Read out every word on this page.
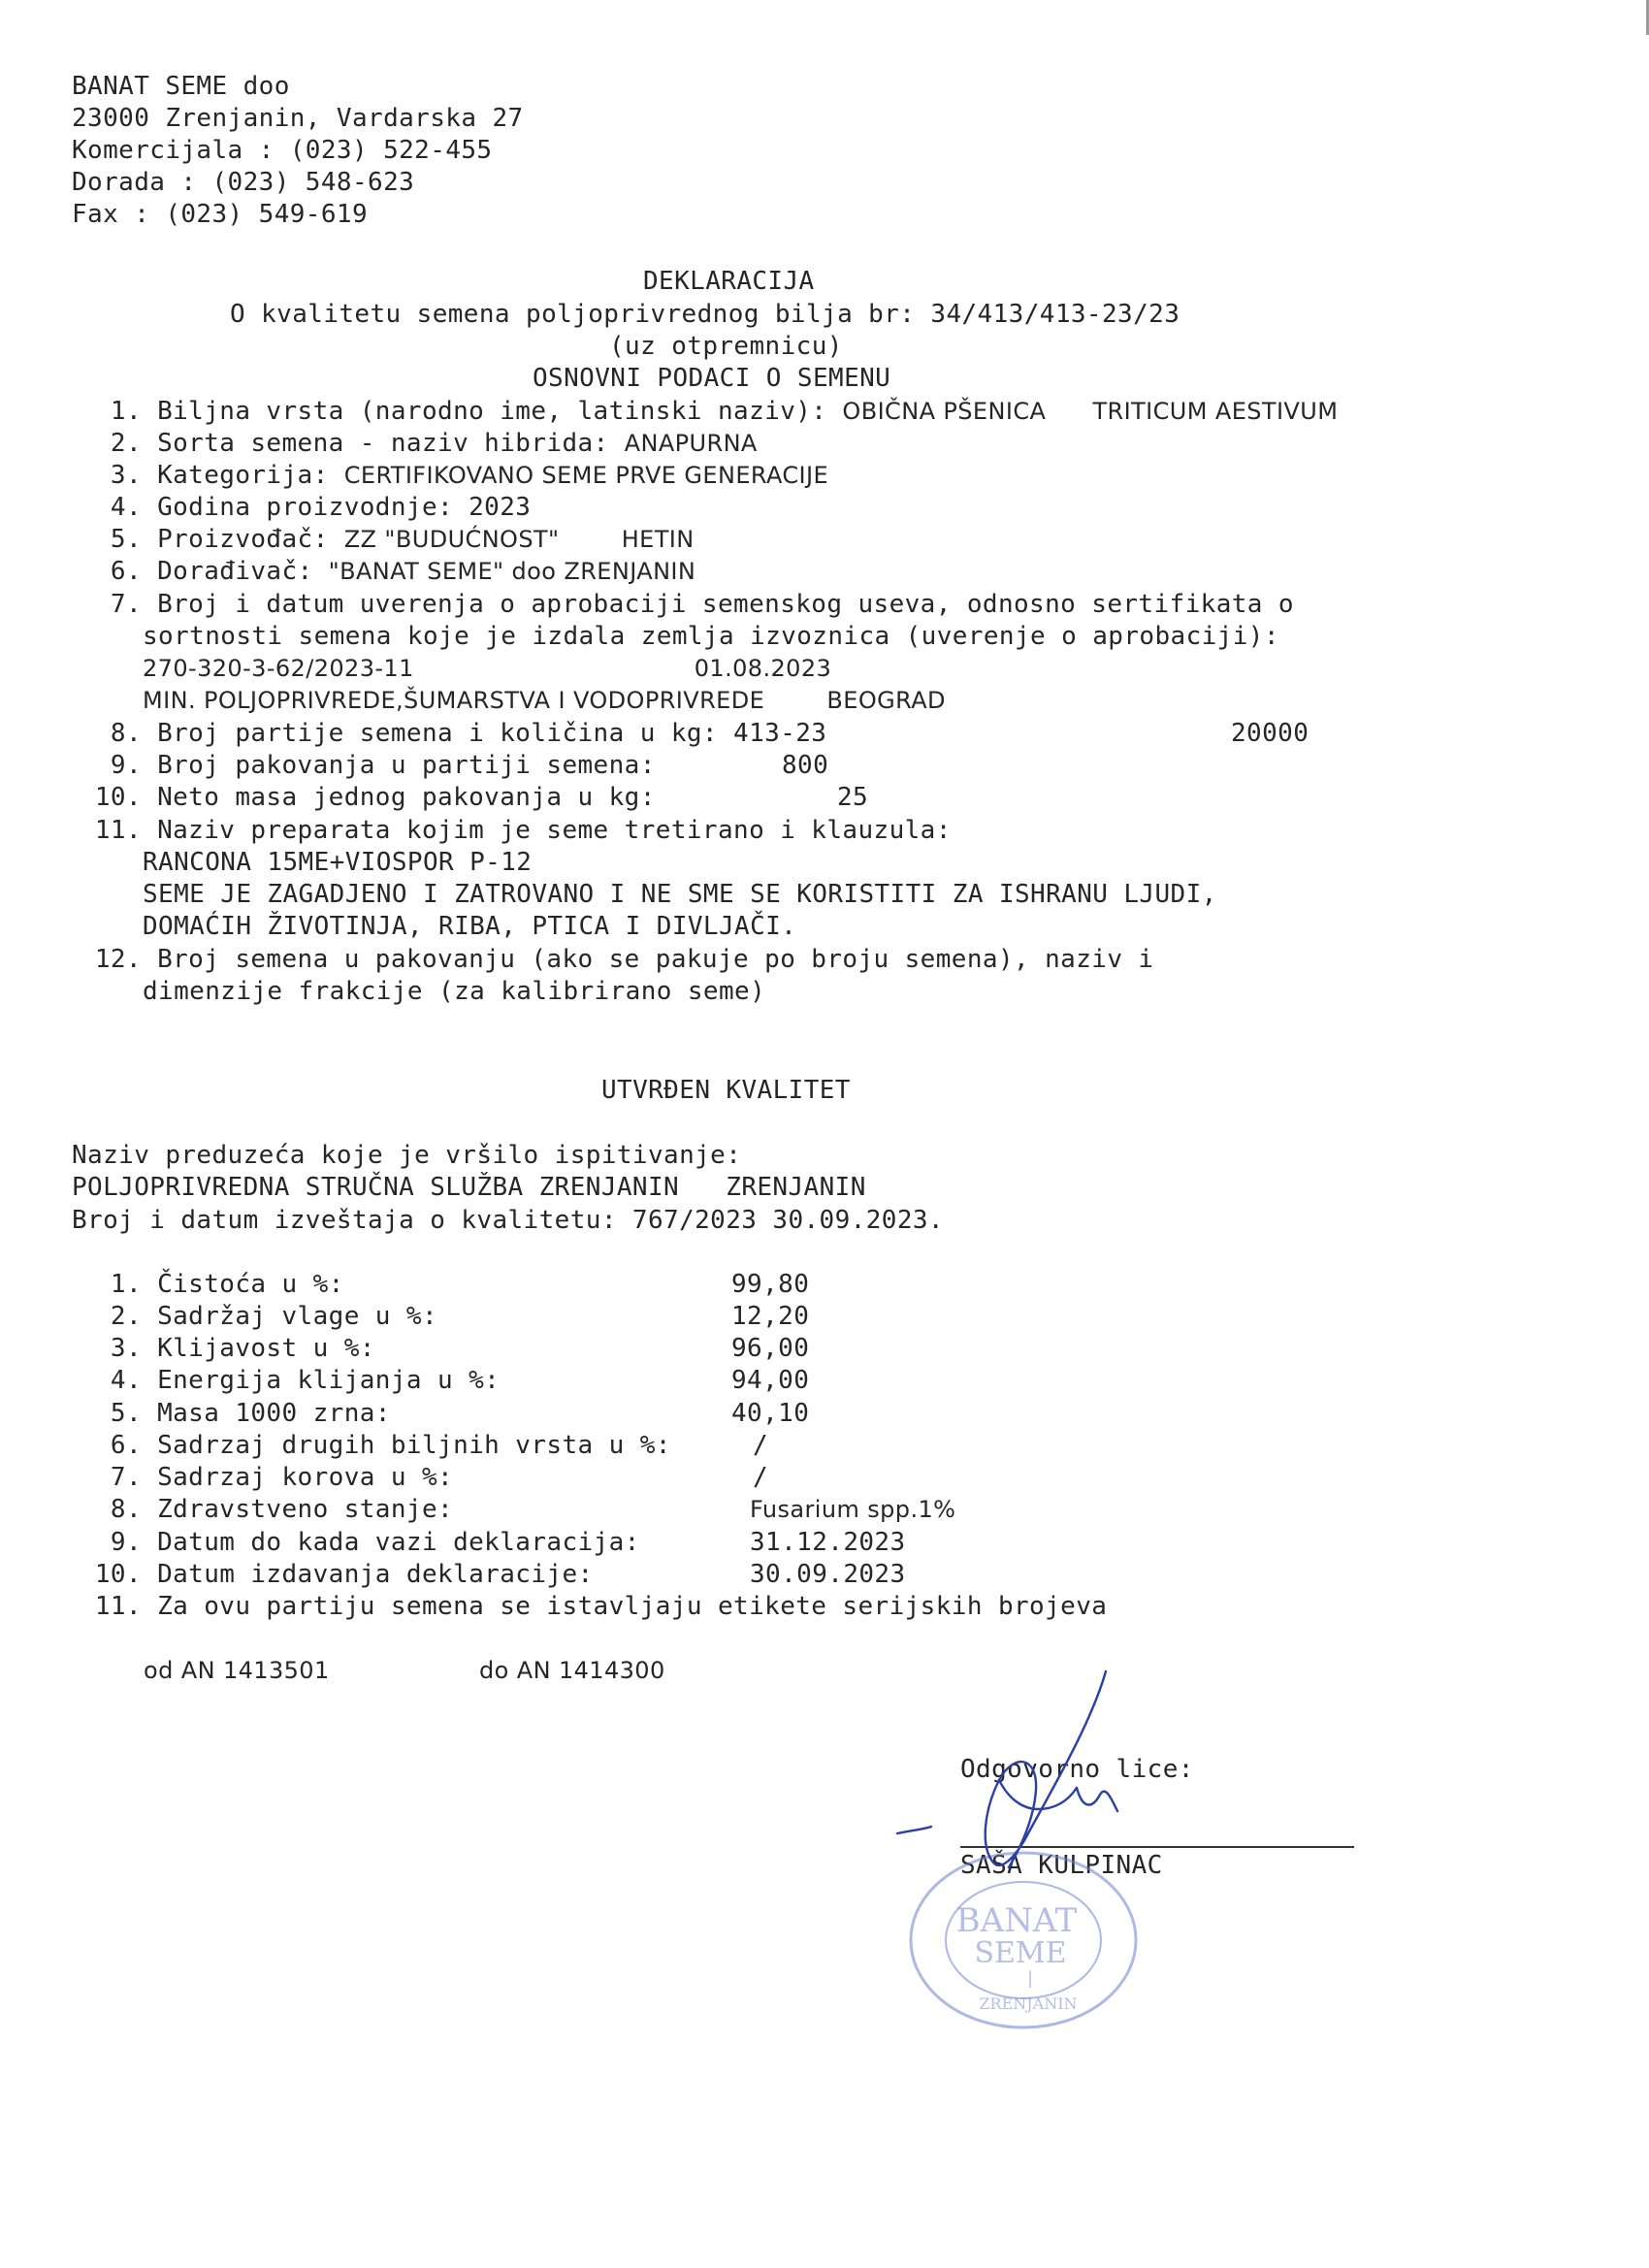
BANAT SEME doo
23000 Zrenjanin, Vardarska 27
Komercijala : (023) 522-455
Dorada : (023) 548-623
Fax : (023) 549-619
DEKLARACIJA
O kvalitetu semena poljoprivrednog bilja br: 34/413/413-23/23
(uz otpremnicu)
OSNOVNI PODACI O SEMENU
1. Biljna vrsta (narodno ime, latinski naziv): OBIČNA PŠENICA TRITICUM AESTIVUM
2. Sorta semena - naziv hibrida: ANAPURNA
3. Kategorija: CERTIFIKOVANO SEME PRVE GENERACIJE
4. Godina proizvodnje: 2023
5. Proizvođač: ZZ "BUDUĆNOST"	HETIN
6. Dorađivač: "BANAT SEME" doo ZRENJANIN
7. Broj i datum uverenja o aprobaciji semenskog useva, odnosno sertifikata o
sortnosti semena koje je izdala zemlja izvoznica (uverenje o aprobaciji):
270-320-3-62/2023-11	01.08.2023
MIN. POLJOPRIVREDE,ŠUMARSTVA I VODOPRIVREDE	BEOGRAD
8. Broj partije semena i količina u kg: 413-23	20000
9. Broj pakovanja u partiji semena:	800
10. Neto masa jednog pakovanja u kg:	25
11. Naziv preparata kojim je seme tretirano i klauzula:
RANCONA 15ME+VIOSPOR P-12
SEME JE ZAGADJENO I ZATROVANO I NE SME SE KORISTITI ZA ISHRANU LJUDI,
DOMAĆIH ŽIVOTINJA, RIBA, PTICA I DIVLJAČI.
12. Broj semena u pakovanju (ako se pakuje po broju semena), naziv i
dimenzije frakcije (za kalibrirano seme)
UTVRĐEN KVALITET
Naziv preduzeća koje je vršilo ispitivanje:
POLJOPRIVREDNA STRUČNA SLUŽBA ZRENJANIN ZRENJANIN
Broj i datum izveštaja o kvalitetu: 767/2023 30.09.2023.
1. Čistoća u %:	99,80
2. Sadržaj vlage u %:	12,20
3. Klijavost u %:	96,00
4. Energija klijanja u %:	94,00
5. Masa 1000 zrna:	40,10
6. Sadrzaj drugih biljnih vrsta u %:	/
7. Sadrzaj korova u %:	/
8. Zdravstveno stanje:	Fusarium spp.1%
9. Datum do kada vazi deklaracija:	31.12.2023
10. Datum izdavanja deklaracije:	30.09.2023
11. Za ovu partiju semena se istavljaju etikete serijskih brojeva
od AN 1413501	do AN 1414300
Odgovorno lice:
SAŠA KULPINAC
BANAT
SEME
|
ZRENJANIN
